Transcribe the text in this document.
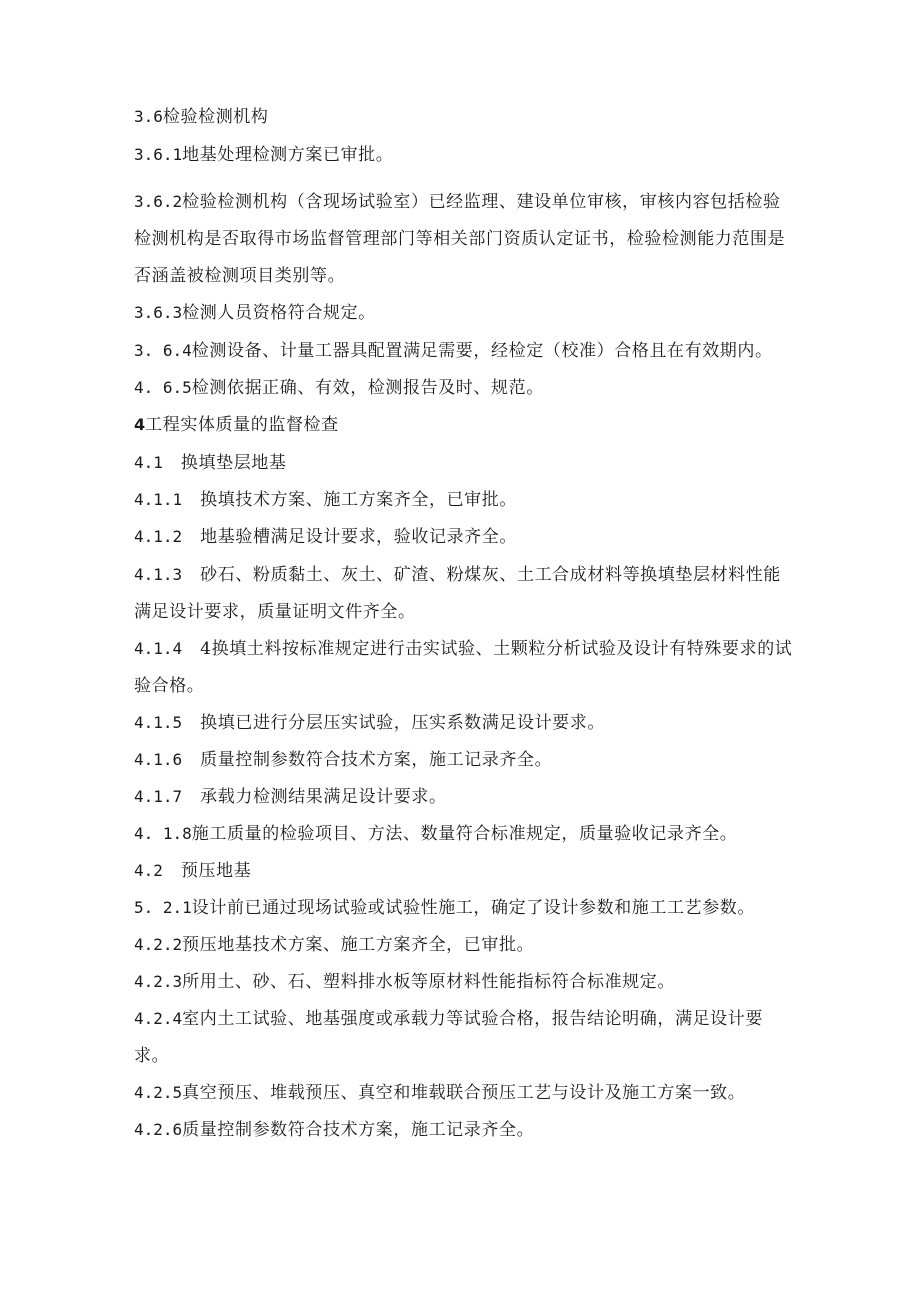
3.6检验检测机构
3.6.1地基处理检测方案已审批。
3.6.2检验检测机构（含现场试验室）已经监理、建设单位审核，审核内容包括检验检测机构是否取得市场监督管理部门等相关部门资质认定证书，检验检测能力范围是否涵盖被检测项目类别等。
3.6.3检测人员资格符合规定。
3. 6.4检测设备、计量工器具配置满足需要，经检定（校准）合格且在有效期内。
4. 6.5检测依据正确、有效，检测报告及时、规范。
4工程实体质量的监督检查
4.1   换填垫层地基
4.1.1   换填技术方案、施工方案齐全，已审批。
4.1.2   地基验槽满足设计要求，验收记录齐全。
4.1.3   砂石、粉质黏土、灰土、矿渣、粉煤灰、土工合成材料等换填垫层材料性能满足设计要求，质量证明文件齐全。
4.1.4   4换填土料按标准规定进行击实试验、土颗粒分析试验及设计有特殊要求的试验合格。
4.1.5   换填已进行分层压实试验，压实系数满足设计要求。
4.1.6   质量控制参数符合技术方案，施工记录齐全。
4.1.7   承载力检测结果满足设计要求。
4. 1.8施工质量的检验项目、方法、数量符合标准规定，质量验收记录齐全。
4.2   预压地基
5. 2.1设计前已通过现场试验或试验性施工，确定了设计参数和施工工艺参数。
4.2.2预压地基技术方案、施工方案齐全，已审批。
4.2.3所用土、砂、石、塑料排水板等原材料性能指标符合标准规定。
4.2.4室内土工试验、地基强度或承载力等试验合格，报告结论明确，满足设计要求。
4.2.5真空预压、堆载预压、真空和堆载联合预压工艺与设计及施工方案一致。
4.2.6质量控制参数符合技术方案，施工记录齐全。
